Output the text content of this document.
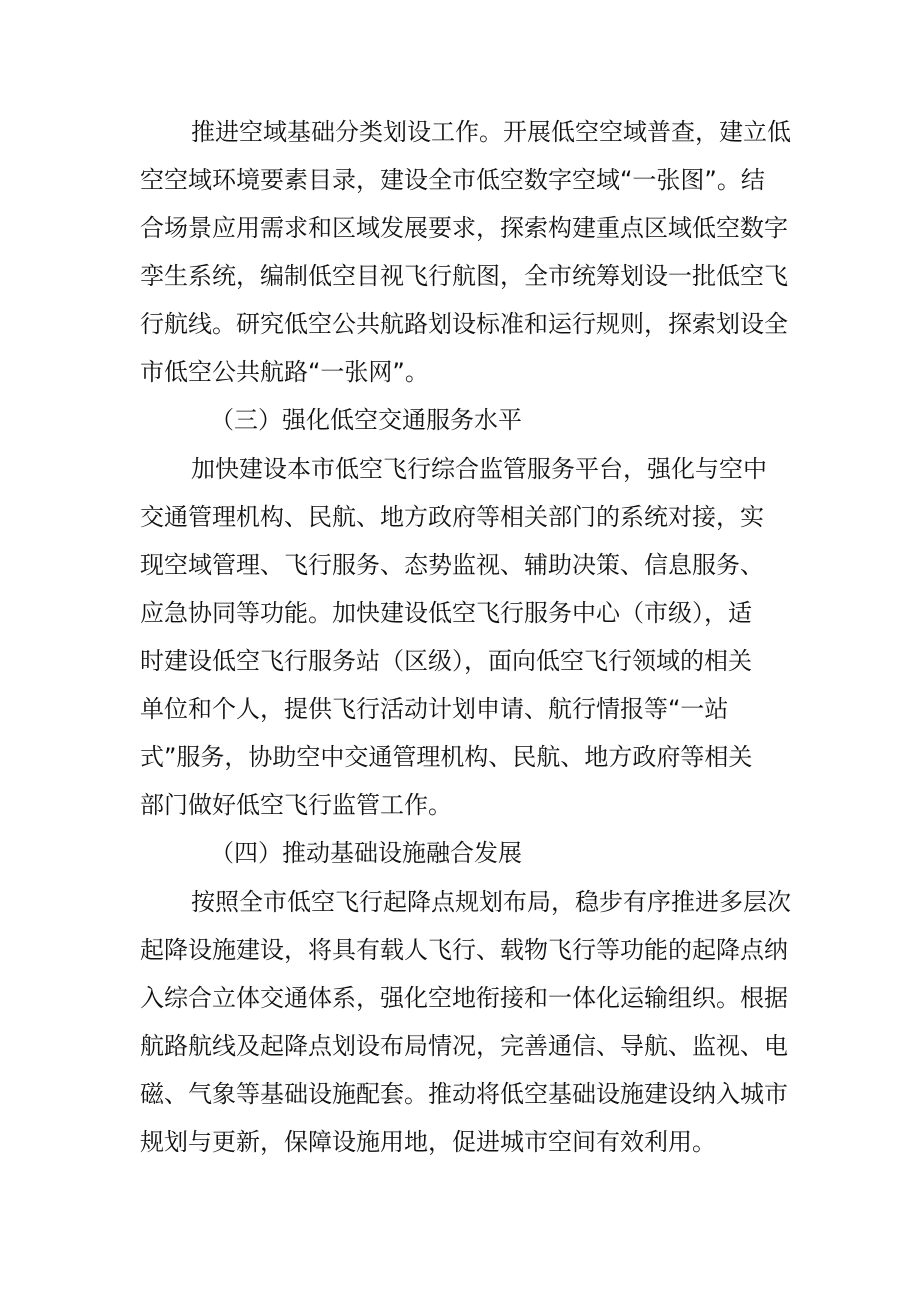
推进空域基础分类划设工作。开展低空空域普查，建立低
空空域环境要素目录，建设全市低空数字空域“一张图”。结
合场景应用需求和区域发展要求，探索构建重点区域低空数字
孪生系统，编制低空目视飞行航图，全市统筹划设一批低空飞
行航线。研究低空公共航路划设标准和运行规则，探索划设全
市低空公共航路“一张网”。
（三）强化低空交通服务水平
加快建设本市低空飞行综合监管服务平台，强化与空中
交通管理机构、民航、地方政府等相关部门的系统对接，实
现空域管理、飞行服务、态势监视、辅助决策、信息服务、
应急协同等功能。加快建设低空飞行服务中心（市级），适
时建设低空飞行服务站（区级），面向低空飞行领域的相关
单位和个人，提供飞行活动计划申请、航行情报等“一站
式”服务，协助空中交通管理机构、民航、地方政府等相关
部门做好低空飞行监管工作。
（四）推动基础设施融合发展
按照全市低空飞行起降点规划布局，稳步有序推进多层次
起降设施建设，将具有载人飞行、载物飞行等功能的起降点纳
入综合立体交通体系，强化空地衔接和一体化运输组织。根据
航路航线及起降点划设布局情况，完善通信、导航、监视、电
磁、气象等基础设施配套。推动将低空基础设施建设纳入城市
规划与更新，保障设施用地，促进城市空间有效利用。
